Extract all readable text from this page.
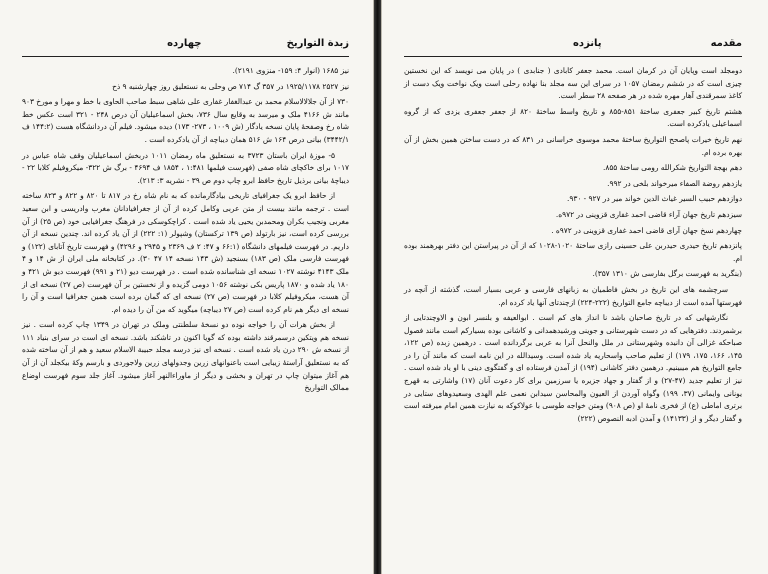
زبدة التواريخ
چهارده

نیز ۱۶۸۵ (انوار ۴: ۱۵۹- منزوی ۲۱۹۱).

نیز ۲۵۲۷ ۱۹۲۵/۱۱۷۸ در ۳۵۷ گ ۷۱۴ ص وحلی به نستعلیق روز چهارشنبه ۹ ذح

۷۳۰ از آن جلالالاسلام محمد بن عبدالغفار غفاری علی شاهی سبط صاحب الحاوی با خط و مهرا و مورخ ۹۰۳ مانند ش ۴۱۶۶ ملک و میرسد به وقایع سال ۷۳۶، بخش اسماعیلیان آن درص ۲۴۸ - ۳۲۱ است عکس خط شاه رخ وصفحهٔ پایان نسخه یادگار (ش ۱۰۰۹ ، ۲۷۳- ۱۷۳) دیده میشود. فیلم آن دردانشگاه هست (۱۴۴:۲ ف ۳۴۴۲/۱) بیانی درص ۱۶۴ ش ۵۱۶ همان دیباچه از آن یادکرده است .

۵- موزهٔ ایران باستان ۳۷۲۳ به نستعلیق ماه رمضان ۱۰۱۱ دربخش اسماعیلیان وقف شاه عباس در ۱۰۱۷ برای خاکچای شاه صفی (فهرست فیلمها ۱:۴۸۱ ، ۱۸۵۴ ف ۴۶۹۴ - برگ ش ۳۲۲- میکروفیلم کلابا ۲۲ - دیباچهٔ بیانی برذیل تاریخ حافظ ابرو چاپ دوم ص ۳۹ - نشریه ۳: ۲۱۳).

از حافظ ابرو یک جغرافیای تاریخی بیادگارمانده که به نام شاه رخ در ۸۱۷ تا ۸۲۰ و ۸۲۲ و ۸۲۳ ساخته است . ترجمه مانند بیست از متن عربی وکامل کرده از آن از جغرافیادانان مغرب وادریسی و ابن سعید مغربی ونجیب بکران ومحمدبن یحیی یاد شده است . کراچکوسکی در فرهنگ جغرافیایی خود (ص ۲۵) از آن بررسی کرده است، نیز بارتولد (ص ۱۳۹ ترکستان) وشپولر (۱: ۲۲۲) از آن یاد کرده اند. چندین نسخه از آن داریم. در فهرست فیلمهای دانشگاه (۶۶:۱ و ۴۷: ۲ ف ۲۳۶۹ و ۲۹۴۵ و ۴۲۹۶) و فهرست تاریخ آتابای (۱۲۲) و فهرست فارسی ملک (ص ۱۸۳) بسنجید (ش ۱۴۳ نسخه ۱۴ ۴۷ ۳۰). در کتابخانه ملی ایران از ش ۱۴ و ۴ ملک ۴۱۴۳ نوشته ۱۰۲۷ نسخه ای شناسانده شده است . در فهرست دیو (۲۱ و ۹۹۱) فهرست دیو ش ۴۲۱ و ۱۸۰ یاد شده و ۱۸۷۰ پاریس بکی نوشته ۱۰۵۶ دومی گزیده و از نخستین بر آن فهرست (ص ۲۷) نسخه ای از آن هست، میکروفیلم کلابا در فهرست (ص ۲۷) نسخه ای که گمان برده است همین جغرافیا است و آن را نسخه ای دیگر هم نام کرده است (ص ۲۷ دیباچه) میگوید که من آن را دیده ام.

از بخش هرات آن را خواجه نوده دو نسخهٔ سلطنتی وملک در تهران در ۱۳۴۹ چاپ کرده است . نیز نسخه هم ویتکین درسمرقند داشته بوده که گویا اکنون در تاشکند باشد. نسخه ای است در سرای بنیاد ۱۱۱ از نسخه ش ۲۹۰ درن یاد شده است . نسخه ای نیز درسه مجلد حبیبة الاسلام سعید و هم از آن ساخته شده که به نستعلیق آراستهٔ زیبایی است باعنوانهای زرین وجدولهای زرین ولاجوردی و بارسم وکهٔ بیکجلد آن از آن هم آغاز میتوان چاپ در تهران و بخشی و دیگر از ماوراءالنهر آغاز میشود. آغاز جلد سوم فهرست اوضاع ممالک التواریخ

مقدمه
پانزده

دومجلد است وپایان آن در کرمان است. محمد جعفر کابادی ( جنابدی ) در پایان می نویسد که این نخستین چیزی است که در ششم رمضان ۱۰۵۷ در سرای این سه مجلد بنا نهاده رحلی است ویک نواخت ویک دست از کاغذ سمرقندی آهار مهره شده در هر صفحه ۲۸ سطر است.

هشتم تاریخ کبیر جعفری ساختهٔ ۸۵۱-۸۵۵ و تاریخ واسط ساختهٔ ۸۲۰ از جعفر جعفری یزدی که از گروه اسماعیلی یادکرده است.

نهم تاریخ خیرات پاصحح التواریخ ساختهٔ محمد موسوی خراسانی در ۸۳۱ که در دست ساختن همین بخش از آن بهره برده ام.

دهم بهجة التواریخ شکرالله رومی ساختهٔ ۸۵۵.

یازدهم روضة الصفاء میرخواند بلخی در ۹۹۲.

دوازدهم حبیب السیر غیاث الدین خواند میر در ۹۲۷ - ۹۳۰.

سیزدهم تاریخ جهان آراء قاضی احمد غفاری قزوینی در ۹۷۲ه.

چهاردهم نسخ جهان آرای قاضی احمد غفاری قزوینی در ۹۷۲ه .

پانزدهم تاریخ حیدری حیدربن علی حسینی رازی ساختهٔ ۱۰۲۰-۱۰۲۸ که از آن در پیراستن این دفتر بهرهمند بوده ام.

(بنگرید به فهرست برگل بفارسی ش ۱۳۱۰ ۳۵۷).

سرچشمه های این تاریخ در بخش فاطمیان به زبانهای فارسی و عربی بسیار است، گذشته از آنچه در فهرستها آمده است از دیباچه جامع التواریخ (۲۲۲-۲۲۴) ازچندتای آنها یاد کرده ام.

نگارشهایی که در تاریخ صاحبان باشد نا انداز های کم است . ابوالعیفه و بلنسر ابون و الاوچندتایی از برشمردند. دفترهایی که در دست شهرستانی و جوینی ورشیدهمدانی و کاشانی بوده بسیارکم است مانند فصول صباحکه غزالی آن دانیده وشهرستانی در ملل والنحل آنرا به عربی برگردانده است . درهمین زبده (ص ۱۲۲، ۱۴۵، ۱۶۶، ۱۷۵، ۱۷۹) از تعلیم صاحب واسحاریه یاد شده است. وسیدالله در این نامه است که مانند آن را در جامع التواریخ هم میبینیم. درهمین دفتر کاشانی (۱۹۴) از آمدن فرستاده ای و گفتگوی دینی با او یاد شده است . نیز از تعلیم جدید (۴۷-۲۷) و از گفتار و جهاد جزیره یا سرزمین برای کار دعوت آنان (۱۷) واشارتی به قهرج یونانی وایمانی (۳۷، ۱۹۹) وگواه آوردن از العیون والمحاسن سیدابن نعمی علم الهدی وسعیدوهای ستایی در برتری اماطی (ع) از فخری نامهٔ او (ص ۹۰۸) ومتن خواجه طوسی با عولاکوکه به نیازت همین امام میرفته است و گفتار دیگر و از (۱۴۱۳۳) و آمدن ادبه النصوص (۲۲۲)
